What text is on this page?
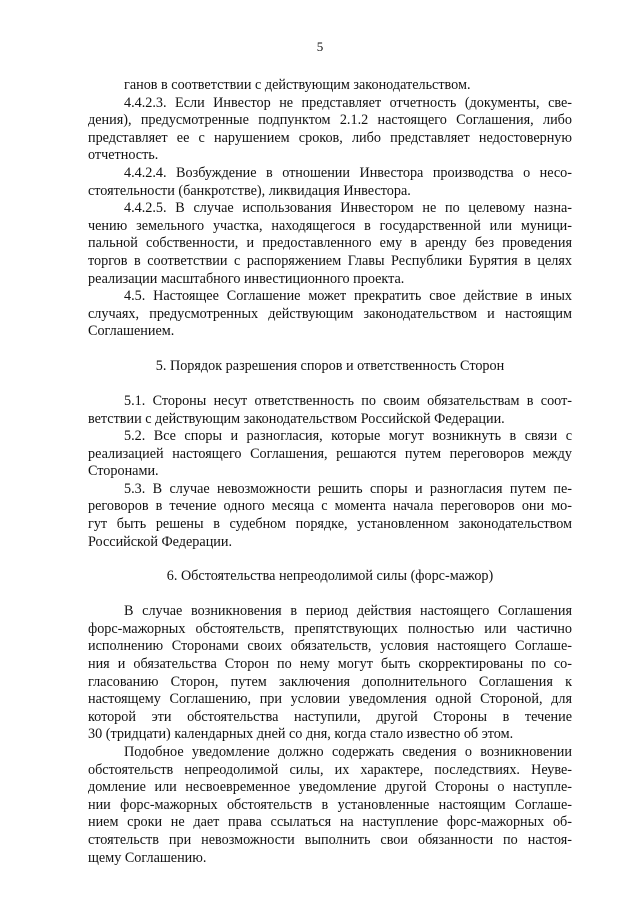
5
ганов в соответствии с действующим законодательством.
4.4.2.3. Если Инвестор не представляет отчетность (документы, све-
дения), предусмотренные подпунктом 2.1.2 настоящего Соглашения, либо
представляет ее с нарушением сроков, либо представляет недостоверную
отчетность.
4.4.2.4. Возбуждение в отношении Инвестора производства о несо-
стоятельности (банкротстве), ликвидация Инвестора.
4.4.2.5. В случае использования Инвестором не по целевому назна-
чению земельного участка, находящегося в государственной или муници-
пальной собственности, и предоставленного ему в аренду без проведения
торгов в соответствии с распоряжением Главы Республики Бурятия в целях
реализации масштабного инвестиционного проекта.
4.5. Настоящее Соглашение может прекратить свое действие в иных
случаях, предусмотренных действующим законодательством и настоящим
Соглашением.
5. Порядок разрешения споров и ответственность Сторон
5.1. Стороны несут ответственность по своим обязательствам в соот-
ветствии с действующим законодательством Российской Федерации.
5.2. Все споры и разногласия, которые могут возникнуть в связи с
реализацией настоящего Соглашения, решаются путем переговоров между
Сторонами.
5.3. В случае невозможности решить споры и разногласия путем пе-
реговоров в течение одного месяца с момента начала переговоров они мо-
гут быть решены в судебном порядке, установленном законодательством
Российской Федерации.
6. Обстоятельства непреодолимой силы (форс-мажор)
В случае возникновения в период действия настоящего Соглашения
форс-мажорных обстоятельств, препятствующих полностью или частично
исполнению Сторонами своих обязательств, условия настоящего Соглаше-
ния и обязательства Сторон по нему могут быть скорректированы по со-
гласованию Сторон, путем заключения дополнительного Соглашения к
настоящему Соглашению, при условии уведомления одной Стороной, для
которой эти обстоятельства наступили, другой Стороны в течение
30 (тридцати) календарных дней со дня, когда стало известно об этом.
Подобное уведомление должно содержать сведения о возникновении
обстоятельств непреодолимой силы, их характере, последствиях. Неуве-
домление или несвоевременное уведомление другой Стороны о наступле-
нии форс-мажорных обстоятельств в установленные настоящим Соглаше-
нием сроки не дает права ссылаться на наступление форс-мажорных об-
стоятельств при невозможности выполнить свои обязанности по настоя-
щему Соглашению.
